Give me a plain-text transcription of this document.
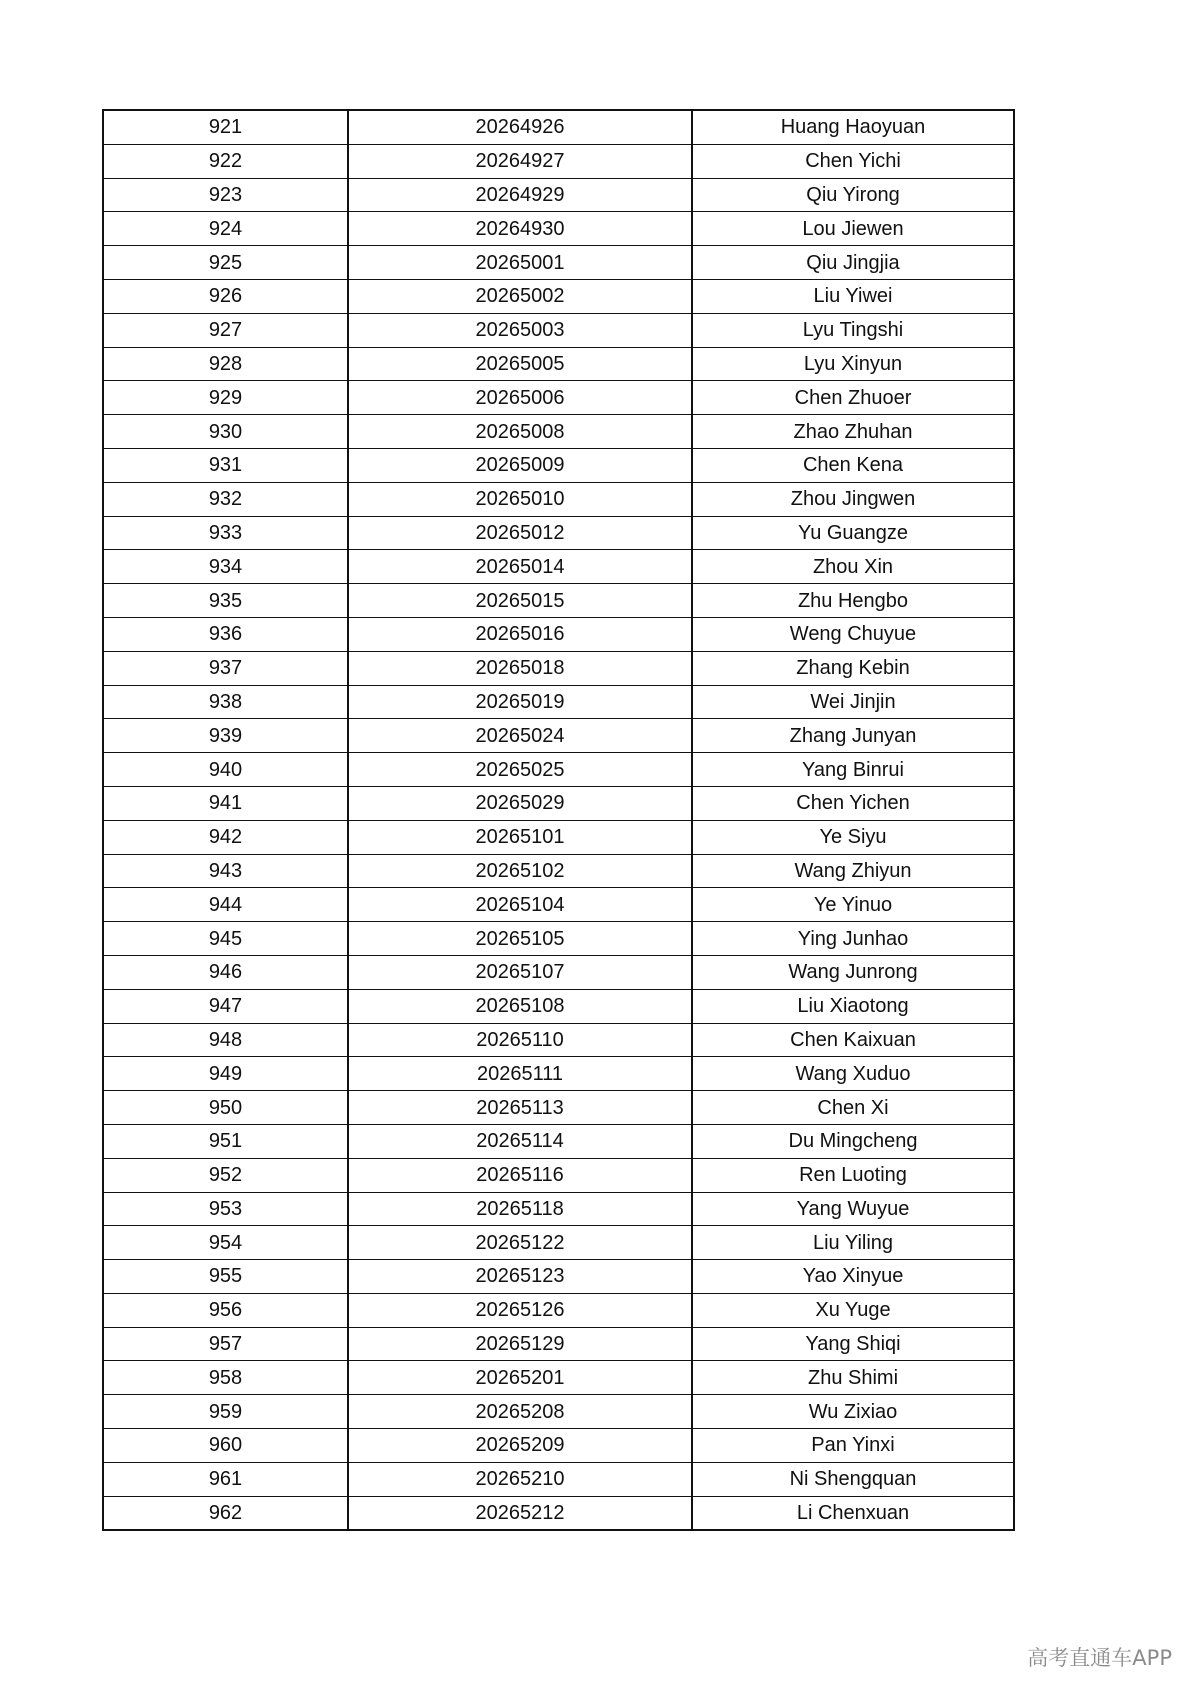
921	20264926	Huang Haoyuan
922	20264927	Chen Yichi
923	20264929	Qiu Yirong
924	20264930	Lou Jiewen
925	20265001	Qiu Jingjia
926	20265002	Liu Yiwei
927	20265003	Lyu Tingshi
928	20265005	Lyu Xinyun
929	20265006	Chen Zhuoer
930	20265008	Zhao Zhuhan
931	20265009	Chen Kena
932	20265010	Zhou Jingwen
933	20265012	Yu Guangze
934	20265014	Zhou Xin
935	20265015	Zhu Hengbo
936	20265016	Weng Chuyue
937	20265018	Zhang Kebin
938	20265019	Wei Jinjin
939	20265024	Zhang Junyan
940	20265025	Yang Binrui
941	20265029	Chen Yichen
942	20265101	Ye Siyu
943	20265102	Wang Zhiyun
944	20265104	Ye Yinuo
945	20265105	Ying Junhao
946	20265107	Wang Junrong
947	20265108	Liu Xiaotong
948	20265110	Chen Kaixuan
949	20265111	Wang Xuduo
950	20265113	Chen Xi
951	20265114	Du Mingcheng
952	20265116	Ren Luoting
953	20265118	Yang Wuyue
954	20265122	Liu Yiling
955	20265123	Yao Xinyue
956	20265126	Xu Yuge
957	20265129	Yang Shiqi
958	20265201	Zhu Shimi
959	20265208	Wu Zixiao
960	20265209	Pan Yinxi
961	20265210	Ni Shengquan
962	20265212	Li Chenxuan
高考直通车APP
